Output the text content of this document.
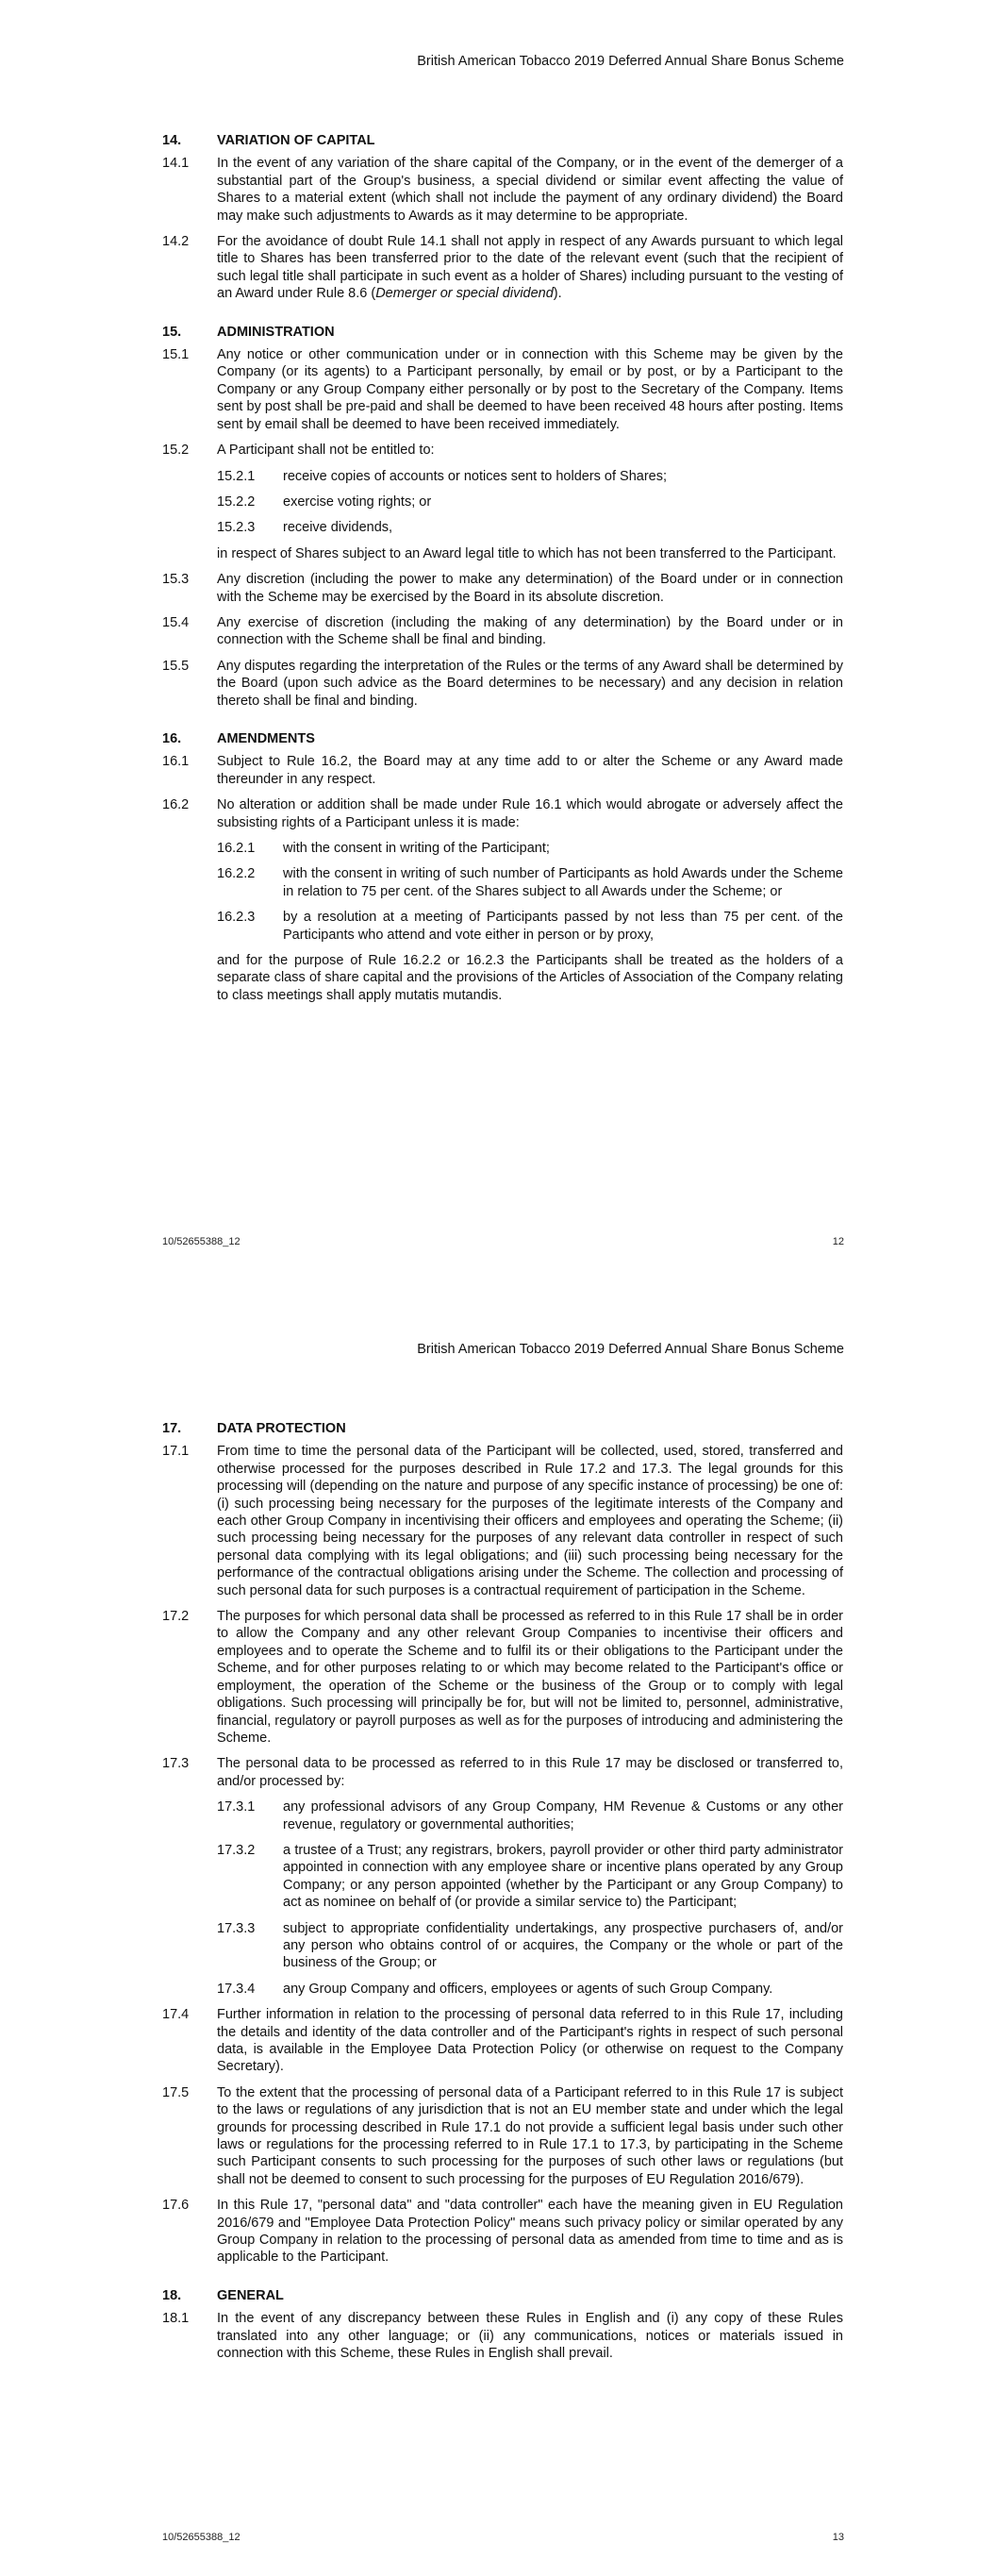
British American Tobacco 2019 Deferred Annual Share Bonus Scheme
14.	VARIATION OF CAPITAL
14.1	In the event of any variation of the share capital of the Company, or in the event of the demerger of a substantial part of the Group's business, a special dividend or similar event affecting the value of Shares to a material extent (which shall not include the payment of any ordinary dividend) the Board may make such adjustments to Awards as it may determine to be appropriate.
14.2	For the avoidance of doubt Rule 14.1 shall not apply in respect of any Awards pursuant to which legal title to Shares has been transferred prior to the date of the relevant event (such that the recipient of such legal title shall participate in such event as a holder of Shares) including pursuant to the vesting of an Award under Rule 8.6 (Demerger or special dividend).
15.	ADMINISTRATION
15.1	Any notice or other communication under or in connection with this Scheme may be given by the Company (or its agents) to a Participant personally, by email or by post, or by a Participant to the Company or any Group Company either personally or by post to the Secretary of the Company. Items sent by post shall be pre-paid and shall be deemed to have been received 48 hours after posting. Items sent by email shall be deemed to have been received immediately.
15.2	A Participant shall not be entitled to:
15.2.1	receive copies of accounts or notices sent to holders of Shares;
15.2.2	exercise voting rights; or
15.2.3	receive dividends,
in respect of Shares subject to an Award legal title to which has not been transferred to the Participant.
15.3	Any discretion (including the power to make any determination) of the Board under or in connection with the Scheme may be exercised by the Board in its absolute discretion.
15.4	Any exercise of discretion (including the making of any determination) by the Board under or in connection with the Scheme shall be final and binding.
15.5	Any disputes regarding the interpretation of the Rules or the terms of any Award shall be determined by the Board (upon such advice as the Board determines to be necessary) and any decision in relation thereto shall be final and binding.
16.	AMENDMENTS
16.1	Subject to Rule 16.2, the Board may at any time add to or alter the Scheme or any Award made thereunder in any respect.
16.2	No alteration or addition shall be made under Rule 16.1 which would abrogate or adversely affect the subsisting rights of a Participant unless it is made:
16.2.1	with the consent in writing of the Participant;
16.2.2	with the consent in writing of such number of Participants as hold Awards under the Scheme in relation to 75 per cent. of the Shares subject to all Awards under the Scheme; or
16.2.3	by a resolution at a meeting of Participants passed by not less than 75 per cent. of the Participants who attend and vote either in person or by proxy,
and for the purpose of Rule 16.2.2 or 16.2.3 the Participants shall be treated as the holders of a separate class of share capital and the provisions of the Articles of Association of the Company relating to class meetings shall apply mutatis mutandis.
10/52655388_12	12
British American Tobacco 2019 Deferred Annual Share Bonus Scheme
17.	DATA PROTECTION
17.1	From time to time the personal data of the Participant will be collected, used, stored, transferred and otherwise processed for the purposes described in Rule 17.2 and 17.3. The legal grounds for this processing will (depending on the nature and purpose of any specific instance of processing) be one of: (i) such processing being necessary for the purposes of the legitimate interests of the Company and each other Group Company in incentivising their officers and employees and operating the Scheme; (ii) such processing being necessary for the purposes of any relevant data controller in respect of such personal data complying with its legal obligations; and (iii) such processing being necessary for the performance of the contractual obligations arising under the Scheme. The collection and processing of such personal data for such purposes is a contractual requirement of participation in the Scheme.
17.2	The purposes for which personal data shall be processed as referred to in this Rule 17 shall be in order to allow the Company and any other relevant Group Companies to incentivise their officers and employees and to operate the Scheme and to fulfil its or their obligations to the Participant under the Scheme, and for other purposes relating to or which may become related to the Participant's office or employment, the operation of the Scheme or the business of the Group or to comply with legal obligations. Such processing will principally be for, but will not be limited to, personnel, administrative, financial, regulatory or payroll purposes as well as for the purposes of introducing and administering the Scheme.
17.3	The personal data to be processed as referred to in this Rule 17 may be disclosed or transferred to, and/or processed by:
17.3.1	any professional advisors of any Group Company, HM Revenue & Customs or any other revenue, regulatory or governmental authorities;
17.3.2	a trustee of a Trust; any registrars, brokers, payroll provider or other third party administrator appointed in connection with any employee share or incentive plans operated by any Group Company; or any person appointed (whether by the Participant or any Group Company) to act as nominee on behalf of (or provide a similar service to) the Participant;
17.3.3	subject to appropriate confidentiality undertakings, any prospective purchasers of, and/or any person who obtains control of or acquires, the Company or the whole or part of the business of the Group; or
17.3.4	any Group Company and officers, employees or agents of such Group Company.
17.4	Further information in relation to the processing of personal data referred to in this Rule 17, including the details and identity of the data controller and of the Participant's rights in respect of such personal data, is available in the Employee Data Protection Policy (or otherwise on request to the Company Secretary).
17.5	To the extent that the processing of personal data of a Participant referred to in this Rule 17 is subject to the laws or regulations of any jurisdiction that is not an EU member state and under which the legal grounds for processing described in Rule 17.1 do not provide a sufficient legal basis under such other laws or regulations for the processing referred to in Rule 17.1 to 17.3, by participating in the Scheme such Participant consents to such processing for the purposes of such other laws or regulations (but shall not be deemed to consent to such processing for the purposes of EU Regulation 2016/679).
17.6	In this Rule 17, "personal data" and "data controller" each have the meaning given in EU Regulation 2016/679 and "Employee Data Protection Policy" means such privacy policy or similar operated by any Group Company in relation to the processing of personal data as amended from time to time and as is applicable to the Participant.
18.	GENERAL
18.1	In the event of any discrepancy between these Rules in English and (i) any copy of these Rules translated into any other language; or (ii) any communications, notices or materials issued in connection with this Scheme, these Rules in English shall prevail.
10/52655388_12	13
